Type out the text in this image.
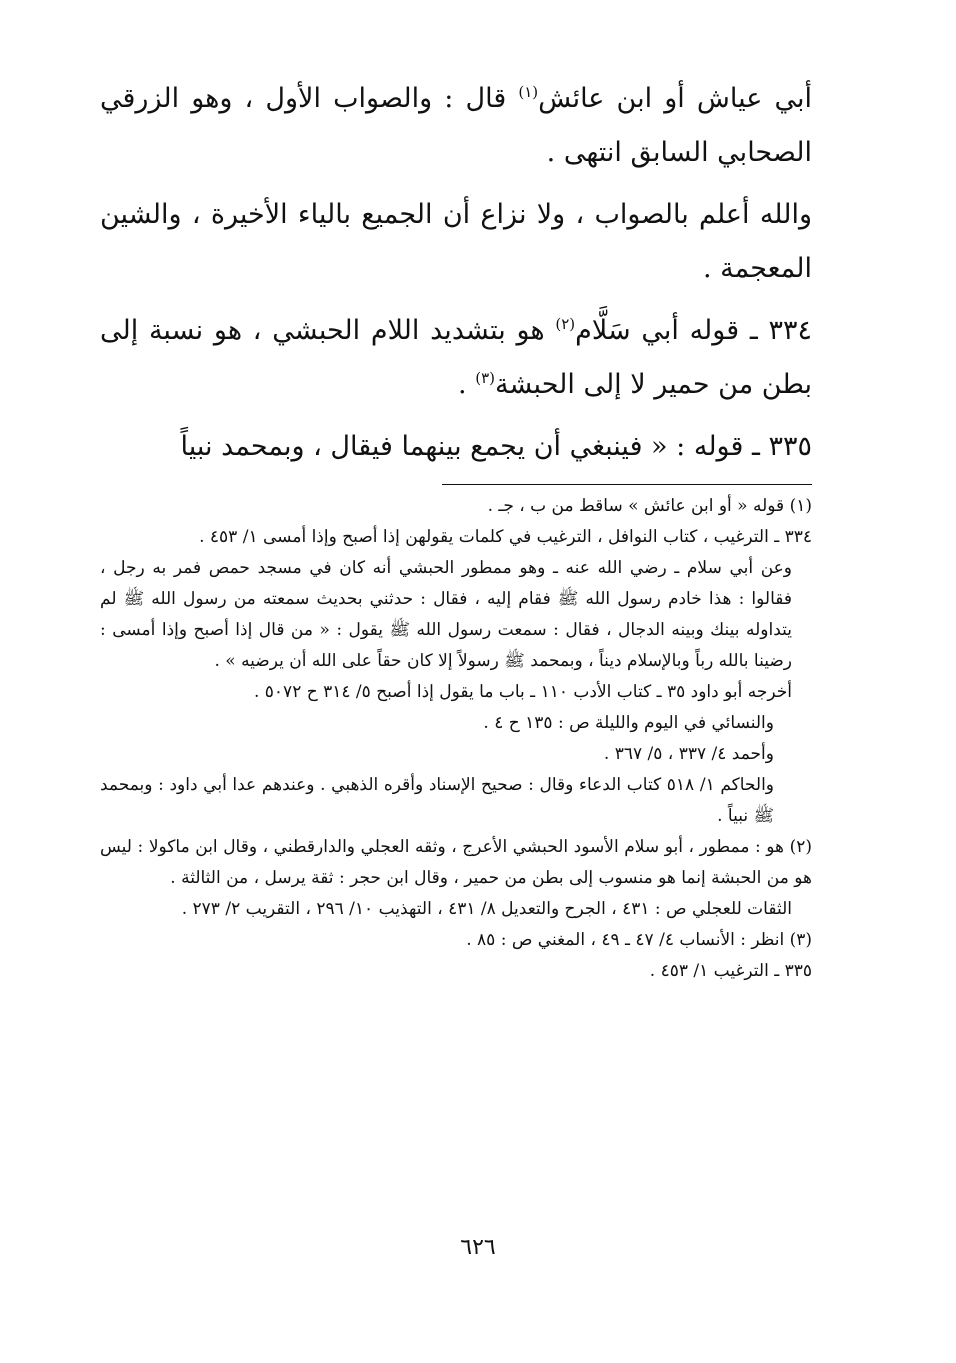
أبي عياش أو ابن عائش$^{(١)}$ قال : والصواب الأول ، وهو الزرقي الصحابي السابق انتهى .

والله أعلم بالصواب ، ولا نزاع أن الجميع بالياء الأخيرة ، والشين المعجمة .

٣٣٤ ـ قوله أبي سَلَّام$^{(٢)}$ هو بتشديد اللام الحبشي ، هو نسبة إلى بطن من حمير لا إلى الحبشة$^{(٣)}$ .

٣٣٥ ـ قوله : « فينبغي أن يجمع بينهما فيقال ، وبمحمد نبياً

(١) قوله « أو ابن عائش » ساقط من ب ، جـ .

٣٣٤ ـ الترغيب ، كتاب النوافل ، الترغيب في كلمات يقولهن إذا أصبح وإذا أمسى ١/ ٤٥٣ .

وعن أبي سلام ـ رضي الله عنه ـ وهو ممطور الحبشي أنه كان في مسجد حمص فمر به رجل ، فقالوا : هذا خادم رسول الله ﷺ فقام إليه ، فقال : حدثني بحديث سمعته من رسول الله ﷺ لم يتداوله بينك وبينه الدجال ، فقال : سمعت رسول الله ﷺ يقول : « من قال إذا أصبح وإذا أمسى : رضينا بالله رباً وبالإسلام ديناً ، وبمحمد ﷺ رسولاً إلا كان حقاً على الله أن يرضيه » .

أخرجه أبو داود ٣٥ ـ كتاب الأدب ١١٠ ـ باب ما يقول إذا أصبح ٥/ ٣١٤ ح ٥٠٧٢ .

والنسائي في اليوم والليلة ص : ١٣٥ ح ٤ .

وأحمد ٤/ ٣٣٧ ، ٥/ ٣٦٧ .

والحاكم ١/ ٥١٨ كتاب الدعاء وقال : صحيح الإسناد وأقره الذهبي . وعندهم عدا أبي داود : وبمحمد ﷺ نبياً .

(٢) هو : ممطور ، أبو سلام الأسود الحبشي الأعرج ، وثقه العجلي والدارقطني ، وقال ابن ماكولا : ليس هو من الحبشة إنما هو منسوب إلى بطن من حمير ، وقال ابن حجر : ثقة يرسل ، من الثالثة .

الثقات للعجلي ص : ٤٣١ ، الجرح والتعديل ٨/ ٤٣١ ، التهذيب ١٠/ ٢٩٦ ، التقريب ٢/ ٢٧٣ .

(٣) انظر : الأنساب ٤/ ٤٧ ـ ٤٩ ، المغني ص : ٨٥ .

٣٣٥ ـ الترغيب ١/ ٤٥٣ .

٦٢٦
